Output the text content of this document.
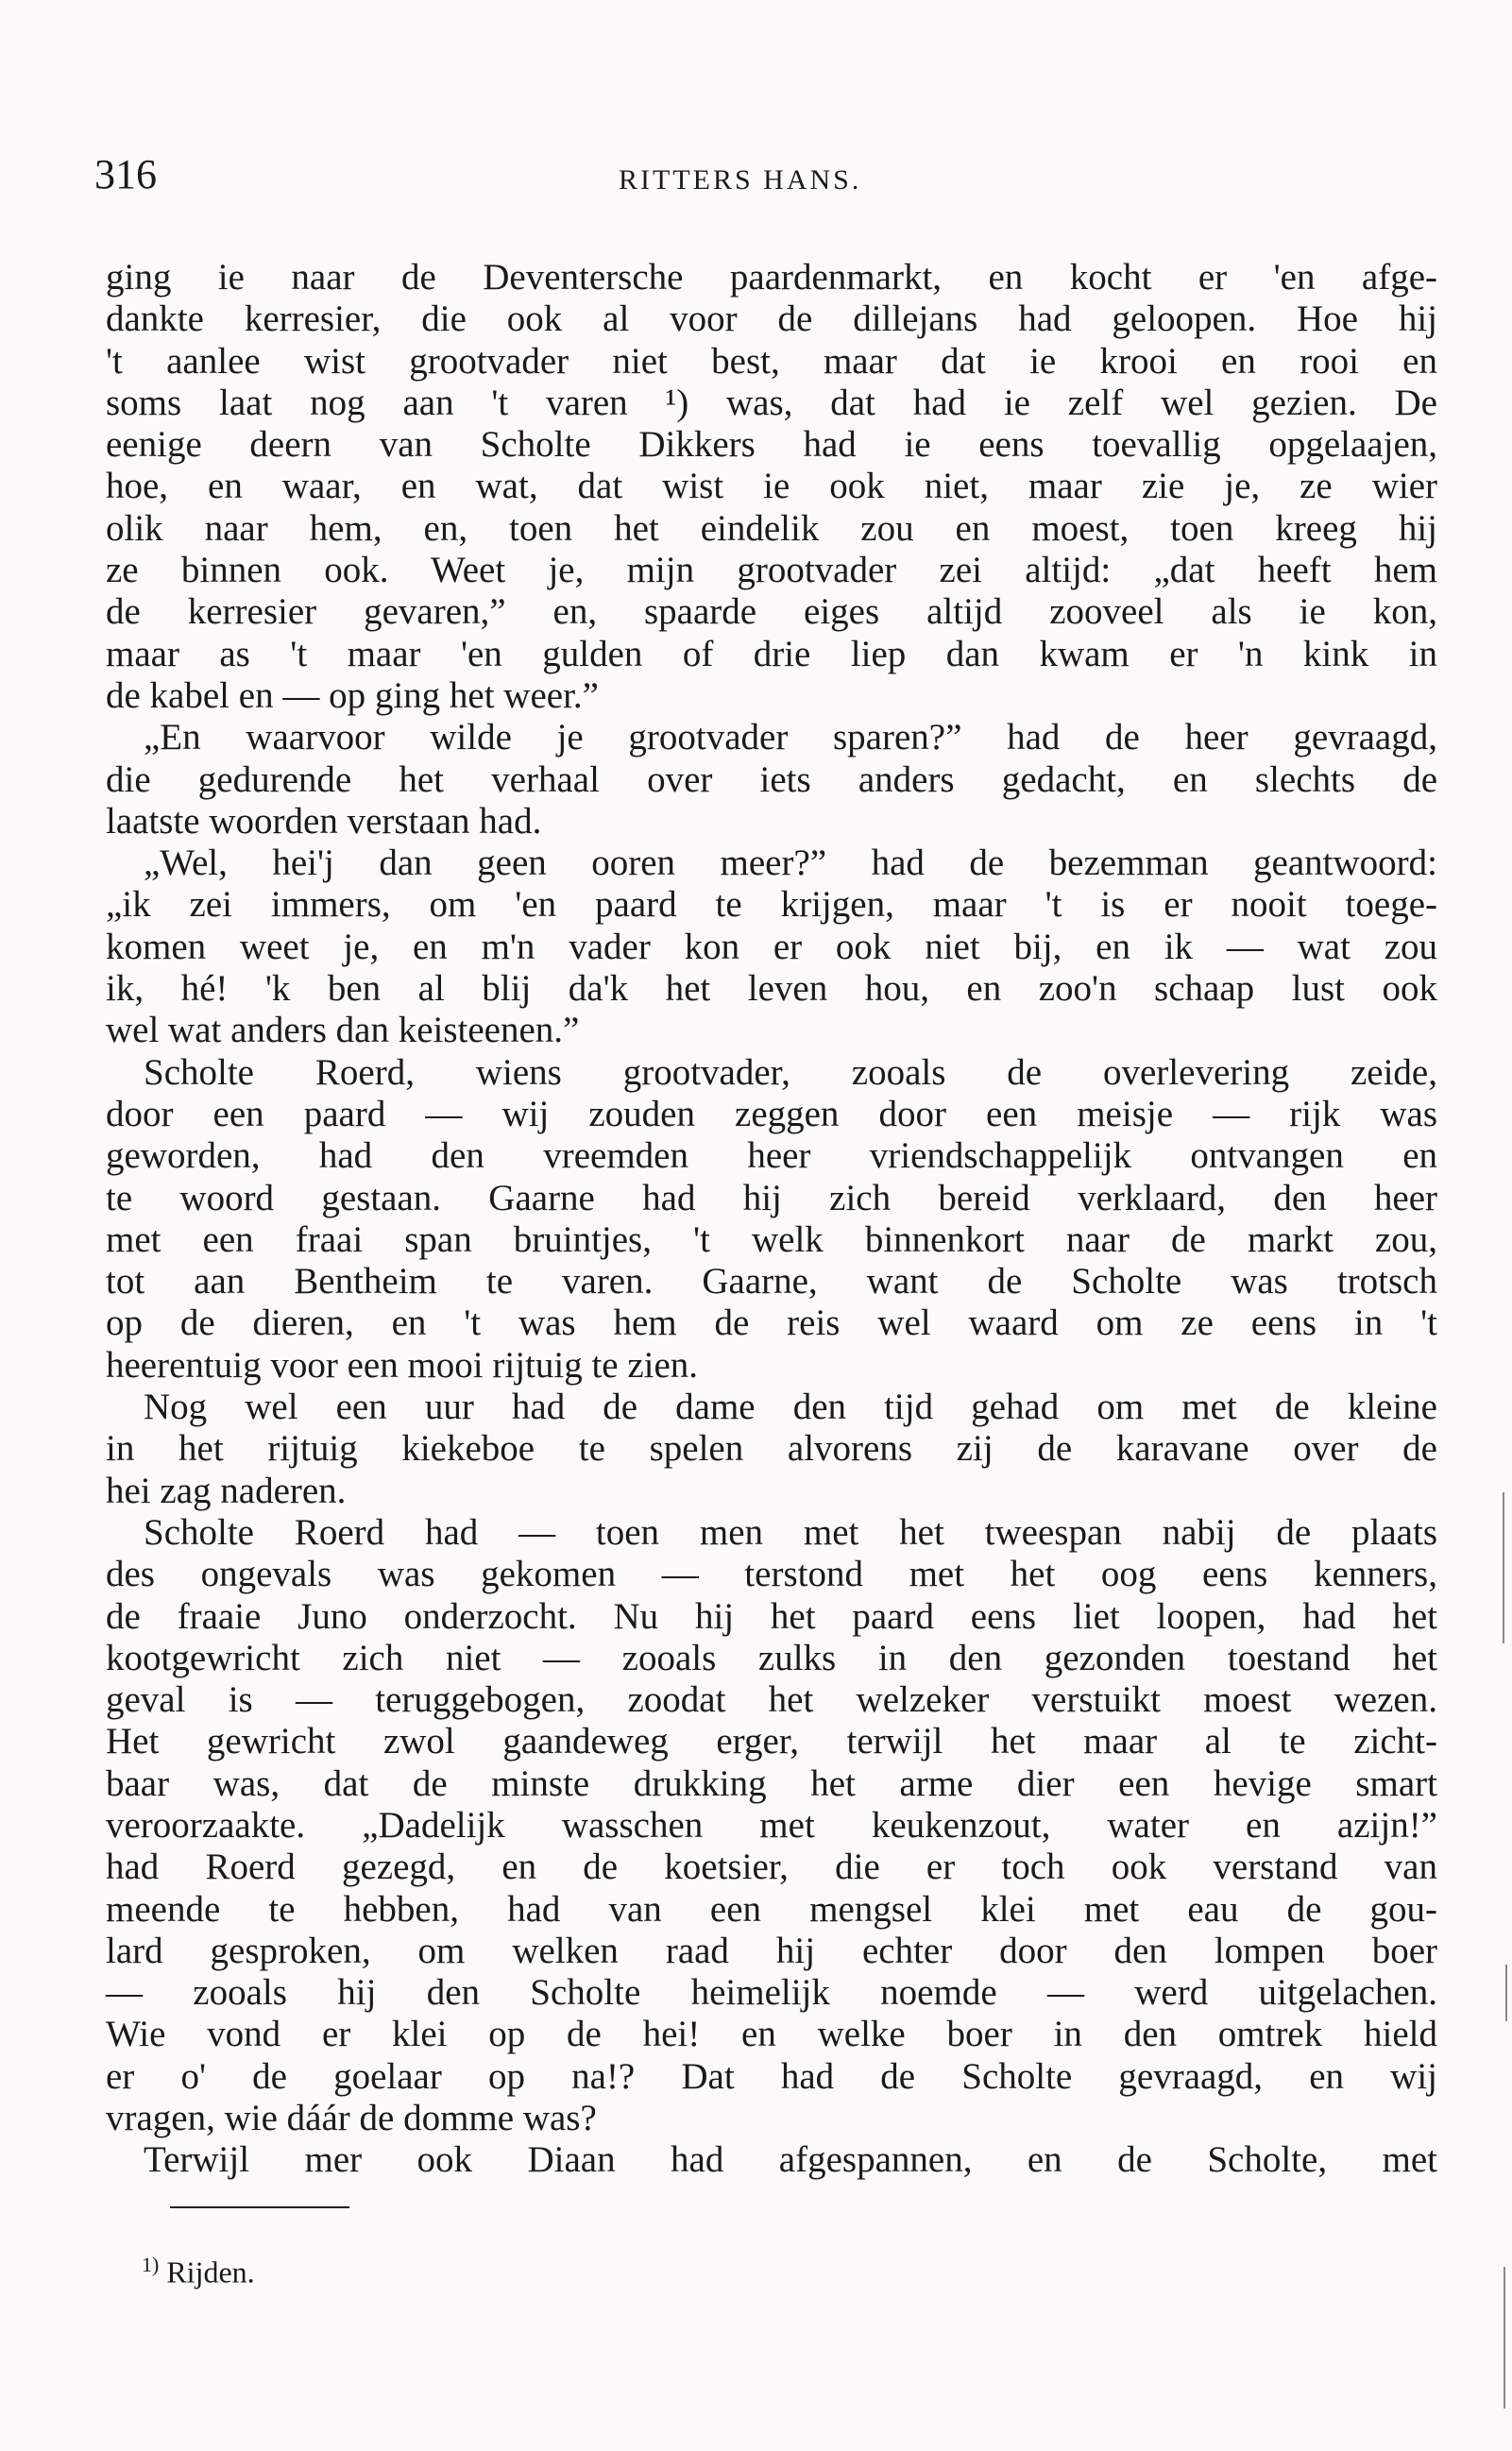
316	RITTERS HANS.
ging ie naar de Deventersche paardenmarkt, en kocht er 'en afge-
dankte kerresier, die ook al voor de dillejans had geloopen. Hoe hij
't aanlee wist grootvader niet best, maar dat ie krooi en rooi en
soms laat nog aan 't varen ¹) was, dat had ie zelf wel gezien. De
eenige deern van Scholte Dikkers had ie eens toevallig opgelaajen,
hoe, en waar, en wat, dat wist ie ook niet, maar zie je, ze wier
olik naar hem, en, toen het eindelik zou en moest, toen kreeg hij
ze binnen ook. Weet je, mijn grootvader zei altijd: „dat heeft hem
de kerresier gevaren,” en, spaarde eiges altijd zooveel als ie kon,
maar as 't maar 'en gulden of drie liep dan kwam er 'n kink in
de kabel en — op ging het weer.”
„En waarvoor wilde je grootvader sparen?” had de heer gevraagd,
die gedurende het verhaal over iets anders gedacht, en slechts de
laatste woorden verstaan had.
„Wel, hei'j dan geen ooren meer?” had de bezemman geantwoord:
„ik zei immers, om 'en paard te krijgen, maar 't is er nooit toege-
komen weet je, en m'n vader kon er ook niet bij, en ik — wat zou
ik, hé! 'k ben al blij da'k het leven hou, en zoo'n schaap lust ook
wel wat anders dan keisteenen.”
Scholte Roerd, wiens grootvader, zooals de overlevering zeide,
door een paard — wij zouden zeggen door een meisje — rijk was
geworden, had den vreemden heer vriendschappelijk ontvangen en
te woord gestaan. Gaarne had hij zich bereid verklaard, den heer
met een fraai span bruintjes, 't welk binnenkort naar de markt zou,
tot aan Bentheim te varen. Gaarne, want de Scholte was trotsch
op de dieren, en 't was hem de reis wel waard om ze eens in 't
heerentuig voor een mooi rijtuig te zien.
Nog wel een uur had de dame den tijd gehad om met de kleine
in het rijtuig kiekeboe te spelen alvorens zij de karavane over de
hei zag naderen.
Scholte Roerd had — toen men met het tweespan nabij de plaats
des ongevals was gekomen — terstond met het oog eens kenners,
de fraaie Juno onderzocht. Nu hij het paard eens liet loopen, had het
kootgewricht zich niet — zooals zulks in den gezonden toestand het
geval is — teruggebogen, zoodat het welzeker verstuikt moest wezen.
Het gewricht zwol gaandeweg erger, terwijl het maar al te zicht-
baar was, dat de minste drukking het arme dier een hevige smart
veroorzaakte. „Dadelijk wasschen met keukenzout, water en azijn!”
had Roerd gezegd, en de koetsier, die er toch ook verstand van
meende te hebben, had van een mengsel klei met eau de gou-
lard gesproken, om welken raad hij echter door den lompen boer
— zooals hij den Scholte heimelijk noemde — werd uitgelachen.
Wie vond er klei op de hei! en welke boer in den omtrek hield
er o' de goelaar op na!? Dat had de Scholte gevraagd, en wij
vragen, wie dáár de domme was?
Terwijl mer ook Diaan had afgespannen, en de Scholte, met
$^{1)}$ Rijden.
